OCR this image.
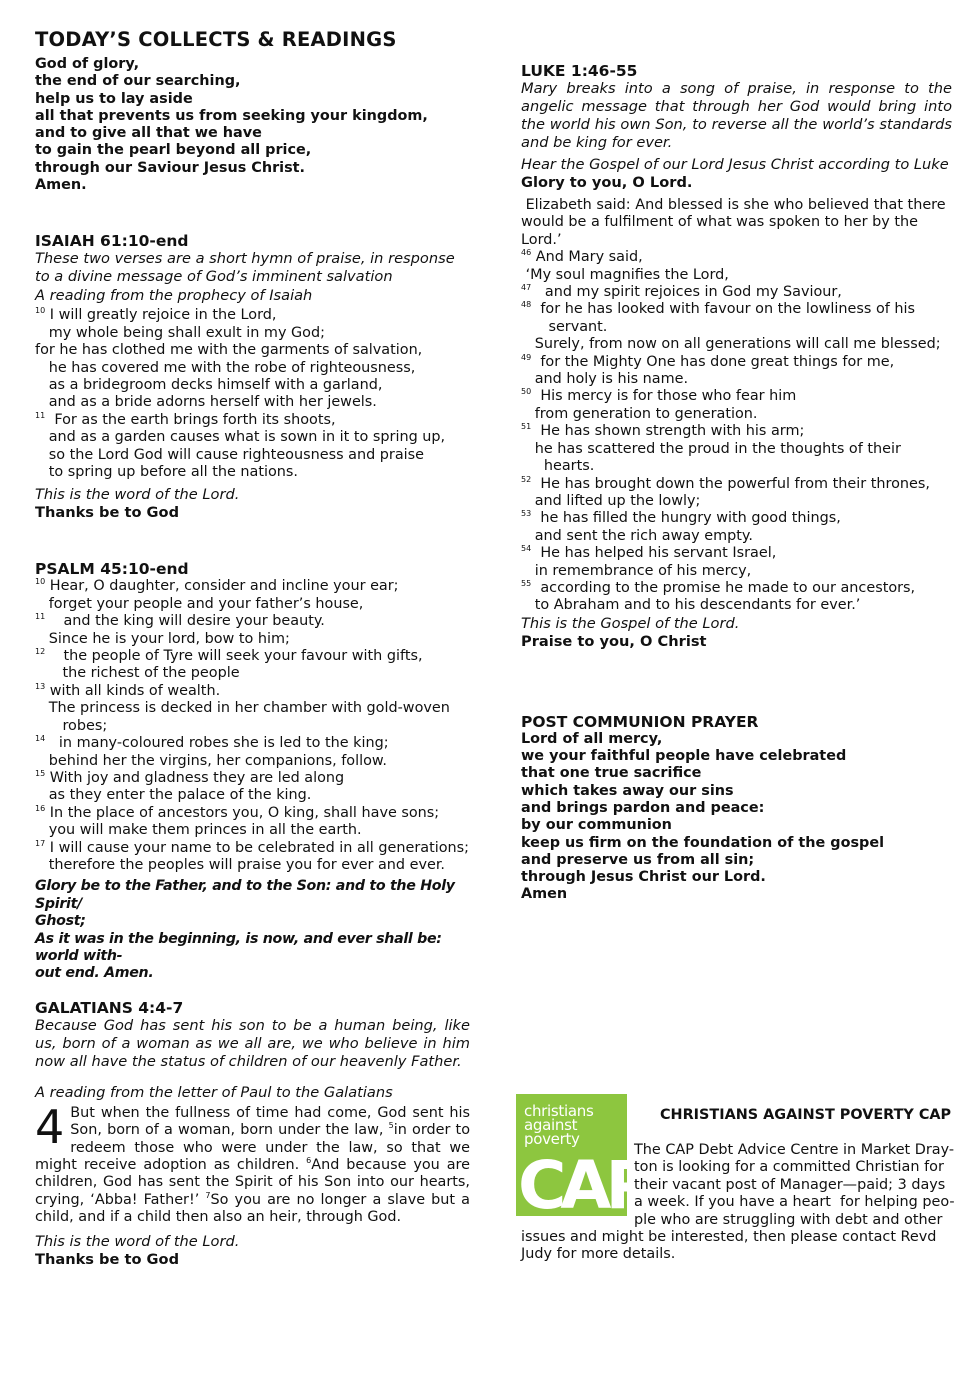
TODAY’S COLLECTS & READINGS

God of glory,

the end of our searching,

help us to lay aside

all that prevents us from seeking your kingdom,

and to give all that we have

to gain the pearl beyond all price,

through our Saviour Jesus Christ.

Amen.

ISAIAH 61:10-end

These two verses are a short hymn of praise, in response to a divine message of God’s imminent salvation

A reading from the prophecy of Isaiah

$^{10}$ I will greatly rejoice in the Lord,

my whole being shall exult in my God;

for he has clothed me with the garments of salvation,

he has covered me with the robe of righteousness,

as a bridegroom decks himself with a garland,

and as a bride adorns herself with her jewels.

$^{11}$  For as the earth brings forth its shoots,

and as a garden causes what is sown in it to spring up,

so the Lord God will cause righteousness and praise

to spring up before all the nations.

This is the word of the Lord.

Thanks be to God

PSALM 45:10-end

$^{10}$ Hear, O daughter, consider and incline your ear;

forget your people and your father’s house,

$^{11}$    and the king will desire your beauty.

Since he is your lord, bow to him;

$^{12}$    the people of Tyre will seek your favour with gifts,

the richest of the people

$^{13}$ with all kinds of wealth.

The princess is decked in her chamber with gold-woven

robes;

$^{14}$   in many-coloured robes she is led to the king;

behind her the virgins, her companions, follow.

$^{15}$ With joy and gladness they are led along

as they enter the palace of the king.

$^{16}$ In the place of ancestors you, O king, shall have sons;

you will make them princes in all the earth.

$^{17}$ I will cause your name to be celebrated in all generations;

therefore the peoples will praise you for ever and ever.

Glory be to the Father, and to the Son: and to the Holy Spirit/

Ghost;

As it was in the beginning, is now, and ever shall be: world with-

out end. Amen.

GALATIANS 4:4-7

Because God has sent his son to be a human being, like us, born of a woman as we all are, we who believe in him now all have the status of children of our heavenly Father.

A reading from the letter of Paul to the Galatians

4 But when the fullness of time had come, God sent his Son, born of a woman, born under the law, $^5$in order to redeem those who were under the law, so that we might receive adoption as children. $^6$And because you are children, God has sent the Spirit of his Son into our hearts, crying, ‘Abba! Father!’ $^7$So you are no longer a slave but a child, and if a child then also an heir, through God.

This is the word of the Lord.

Thanks be to God

LUKE 1:46-55

Mary breaks into a song of praise, in response to the angelic message that through her God would bring into the world his own Son, to reverse all the world’s standards and be king for ever.

Hear the Gospel of our Lord Jesus Christ according to Luke

Glory to you, O Lord.

Elizabeth said: And blessed is she who believed that there

would be a fulfilment of what was spoken to her by the

Lord.’

$^{46}$ And Mary said,

‘My soul magnifies the Lord,

$^{47}$   and my spirit rejoices in God my Saviour,

$^{48}$  for he has looked with favour on the lowliness of his

servant.

Surely, from now on all generations will call me blessed;

$^{49}$  for the Mighty One has done great things for me,

and holy is his name.

$^{50}$  His mercy is for those who fear him

from generation to generation.

$^{51}$  He has shown strength with his arm;

he has scattered the proud in the thoughts of their

hearts.

$^{52}$  He has brought down the powerful from their thrones,

and lifted up the lowly;

$^{53}$  he has filled the hungry with good things,

and sent the rich away empty.

$^{54}$  He has helped his servant Israel,

in remembrance of his mercy,

$^{55}$  according to the promise he made to our ancestors,

to Abraham and to his descendants for ever.’

This is the Gospel of the Lord.

Praise to you, O Christ

POST COMMUNION PRAYER

Lord of all mercy,

we your faithful people have celebrated

that one true sacrifice

which takes away our sins

and brings pardon and peace:

by our communion

keep us firm on the foundation of the gospel

and preserve us from all sin;

through Jesus Christ our Lord.

Amen

christians
against
poverty
CAP
CHRISTIANS AGAINST POVERTY CAP

The CAP Debt Advice Centre in Market Dray-

ton is looking for a committed Christian for

their vacant post of Manager—paid; 3 days

a week. If you have a heart  for helping peo-

ple who are struggling with debt and other

issues and might be interested, then please contact Revd

Judy for more details.
